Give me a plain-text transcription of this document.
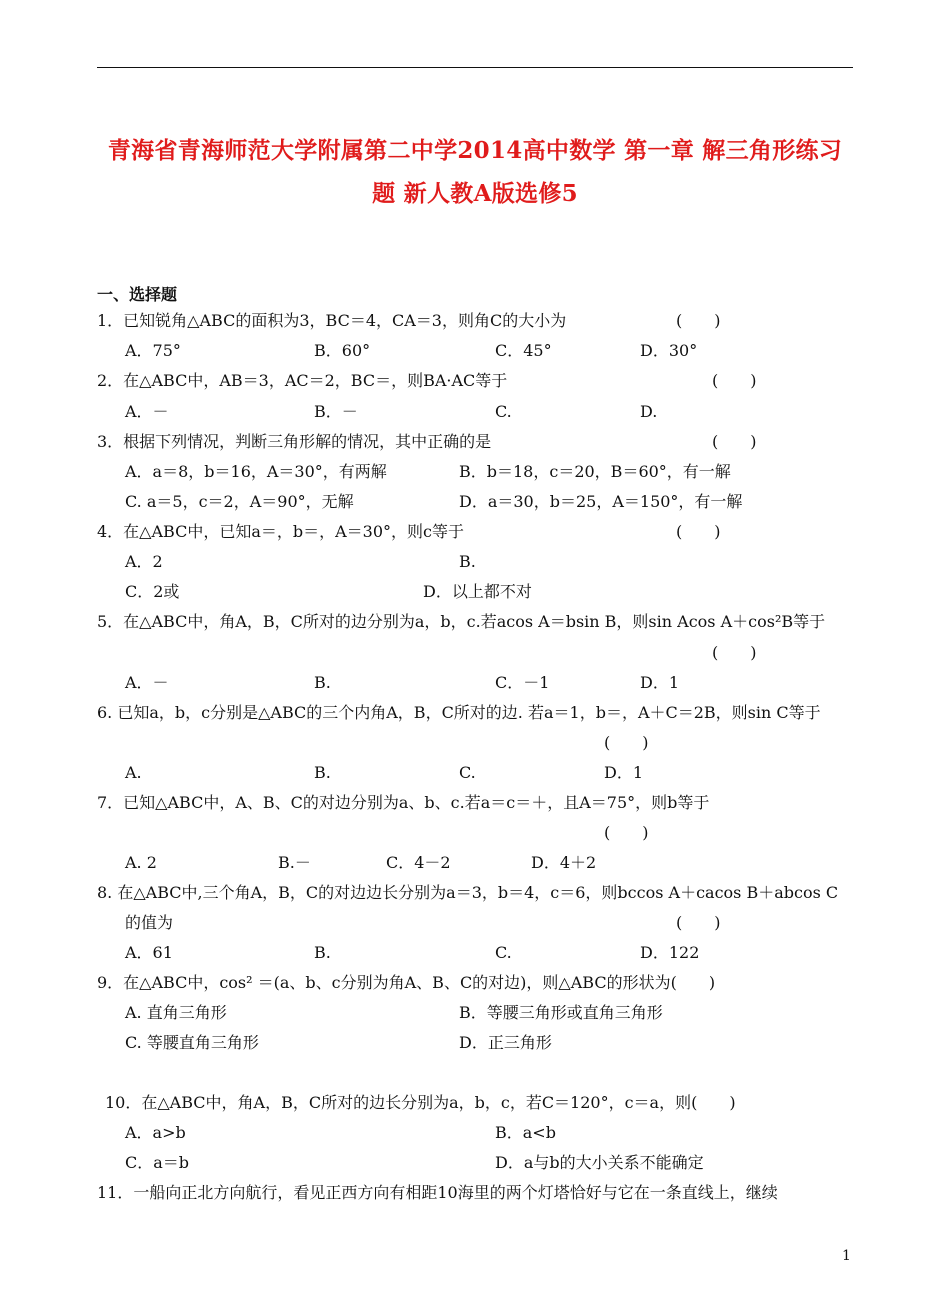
青海省青海师范大学附属第二中学2014高中数学 第一章 解三角形练习
题 新人教A版选修5
一、选择题
1．已知锐角△ABC的面积为3，BC＝4，CA＝3，则角C的大小为	(　　)
A．75°	B．60°	C．45°	D．30°
2．在△ABC中，AB＝3，AC＝2，BC＝，则BA·AC等于	(　　)
A．－	B．－	C.	D.
3．根据下列情况，判断三角形解的情况，其中正确的是	(　　)
A．a＝8，b＝16，A＝30°，有两解	B．b＝18，c＝20，B＝60°，有一解
C. a＝5，c＝2，A＝90°，无解	D．a＝30，b＝25，A＝150°，有一解
4．在△ABC中，已知a＝，b＝，A＝30°，则c等于	(　　)
A．2	B.
C．2或	D．以上都不对
5．在△ABC中，角A，B，C所对的边分别为a，b，c.若acos A＝bsin B，则sin Acos A＋cos²B等于
(　　)
A．－	B.	C．－1	D．1
6. 已知a，b，c分别是△ABC的三个内角A，B，C所对的边. 若a＝1，b＝，A＋C＝2B，则sin C等于
(　　)
A.	B.	C.	D．1
7．已知△ABC中，A、B、C的对边分别为a、b、c.若a＝c＝＋，且A＝75°，则b等于
(　　)
A. 2	B.－	C．4－2	D．4＋2
8. 在△ABC中,三个角A，B，C的对边边长分别为a＝3，b＝4，c＝6，则bccos A＋cacos B＋abcos C
的值为	(　　)
A．61	B.	C.	D．122
9．在△ABC中，cos² ＝(a、b、c分别为角A、B、C的对边)，则△ABC的形状为(　　)
A. 直角三角形	B．等腰三角形或直角三角形
C. 等腰直角三角形	D．正三角形
10．在△ABC中，角A，B，C所对的边长分别为a，b，c，若C＝120°，c＝a，则(　　)
A．a>b	B．a<b
C．a＝b	D．a与b的大小关系不能确定
11．一船向正北方向航行，看见正西方向有相距10海里的两个灯塔恰好与它在一条直线上，继续
1
